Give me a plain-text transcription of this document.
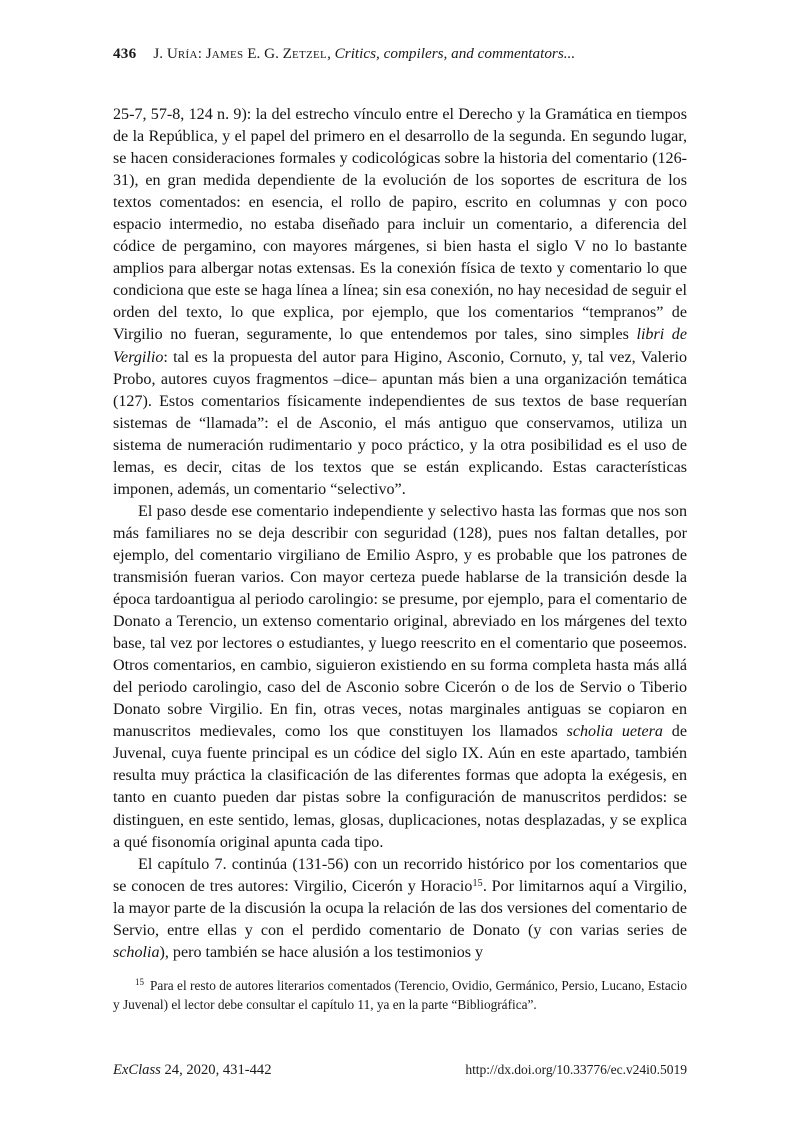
436 J. Uría: James E. G. Zetzel, Critics, compilers, and commentators...

25-7, 57-8, 124 n. 9): la del estrecho vínculo entre el Derecho y la Gramática en tiempos de la República, y el papel del primero en el desarrollo de la segunda. En segundo lugar, se hacen consideraciones formales y codicológicas sobre la historia del comentario (126-31), en gran medida dependiente de la evolución de los soportes de escritura de los textos comentados: en esencia, el rollo de papiro, escrito en columnas y con poco espacio intermedio, no estaba diseñado para incluir un comentario, a diferencia del códice de pergamino, con mayores márgenes, si bien hasta el siglo V no lo bastante amplios para albergar notas extensas. Es la conexión física de texto y comentario lo que condiciona que este se haga línea a línea; sin esa conexión, no hay necesidad de seguir el orden del texto, lo que explica, por ejemplo, que los comentarios “tempranos” de Virgilio no fueran, seguramente, lo que entendemos por tales, sino simples libri de Vergilio: tal es la propuesta del autor para Higino, Asconio, Cornuto, y, tal vez, Valerio Probo, autores cuyos fragmentos –dice– apuntan más bien a una organización temática (127). Estos comentarios físicamente independientes de sus textos de base requerían sistemas de “llamada”: el de Asconio, el más antiguo que conservamos, utiliza un sistema de numeración rudimentario y poco práctico, y la otra posibilidad es el uso de lemas, es decir, citas de los textos que se están explicando. Estas características imponen, además, un comentario “selectivo”.

El paso desde ese comentario independiente y selectivo hasta las formas que nos son más familiares no se deja describir con seguridad (128), pues nos faltan detalles, por ejemplo, del comentario virgiliano de Emilio Aspro, y es probable que los patrones de transmisión fueran varios. Con mayor certeza puede hablarse de la transición desde la época tardoantigua al periodo carolingio: se presume, por ejemplo, para el comentario de Donato a Terencio, un extenso comentario original, abreviado en los márgenes del texto base, tal vez por lectores o estudiantes, y luego reescrito en el comentario que poseemos. Otros comentarios, en cambio, siguieron existiendo en su forma completa hasta más allá del periodo carolingio, caso del de Asconio sobre Cicerón o de los de Servio o Tiberio Donato sobre Virgilio. En fin, otras veces, notas marginales antiguas se copiaron en manuscritos medievales, como los que constituyen los llamados scholia uetera de Juvenal, cuya fuente principal es un códice del siglo IX. Aún en este apartado, también resulta muy práctica la clasificación de las diferentes formas que adopta la exégesis, en tanto en cuanto pueden dar pistas sobre la configuración de manuscritos perdidos: se distinguen, en este sentido, lemas, glosas, duplicaciones, notas desplazadas, y se explica a qué fisonomía original apunta cada tipo.

El capítulo 7. continúa (131-56) con un recorrido histórico por los comentarios que se conocen de tres autores: Virgilio, Cicerón y Horacio$^{15}$. Por limitarnos aquí a Virgilio, la mayor parte de la discusión la ocupa la relación de las dos versiones del comentario de Servio, entre ellas y con el perdido comentario de Donato (y con varias series de scholia), pero también se hace alusión a los testimonios y

$^{15}$ Para el resto de autores literarios comentados (Terencio, Ovidio, Germánico, Persio, Lucano, Estacio y Juvenal) el lector debe consultar el capítulo 11, ya en la parte “Bibliográfica”.

ExClass 24, 2020, 431-442	http://dx.doi.org/10.33776/ec.v24i0.5019
